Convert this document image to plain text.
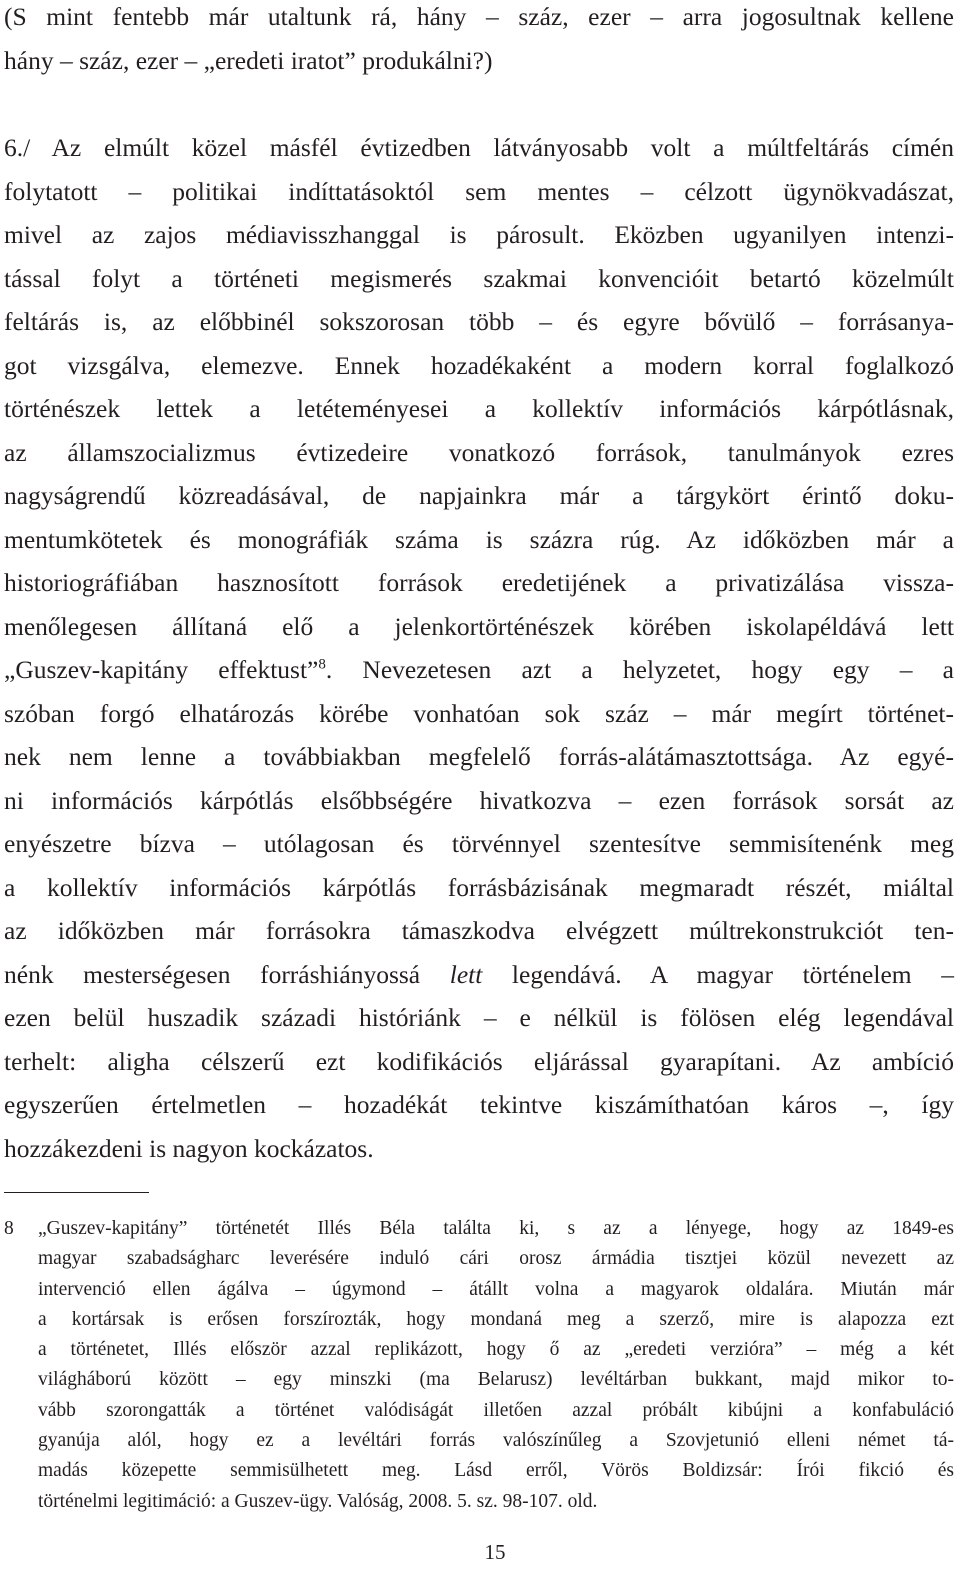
(S mint fentebb már utaltunk rá, hány – száz, ezer – arra jogosultnak kellene
hány – száz, ezer – „eredeti iratot” produkálni?)
6./ Az elmúlt közel másfél évtizedben látványosabb volt a múltfeltárás címén
folytatott – politikai indíttatásoktól sem mentes – célzott ügynökvadászat,
mivel az zajos médiavisszhanggal is párosult. Eközben ugyanilyen intenzi-
tással folyt a történeti megismerés szakmai konvencióit betartó közelmúlt
feltárás is, az előbbinél sokszorosan több – és egyre bővülő – forrásanya-
got vizsgálva, elemezve. Ennek hozadékaként a modern korral foglalkozó
történészek lettek a letéteményesei a kollektív információs kárpótlásnak,
az államszocializmus évtizedeire vonatkozó források, tanulmányok ezres
nagyságrendű közreadásával, de napjainkra már a tárgykört érintő doku-
mentumkötetek és monográfiák száma is százra rúg. Az időközben már a
historiográfiában hasznosított források eredetijének a privatizálása vissza-
menőlegesen állítaná elő a jelenkortörténészek körében iskolapéldává lett
„Guszev-kapitány effektust”$^8$. Nevezetesen azt a helyzetet, hogy egy – a
szóban forgó elhatározás körébe vonhatóan sok száz – már megírt történet-
nek nem lenne a továbbiakban megfelelő forrás-alátámasztottsága. Az egyé-
ni információs kárpótlás elsőbbségére hivatkozva – ezen források sorsát az
enyészetre bízva – utólagosan és törvénnyel szentesítve semmisítenénk meg
a kollektív információs kárpótlás forrásbázisának megmaradt részét, miáltal
az időközben már forrásokra támaszkodva elvégzett múltrekonstrukciót ten-
nénk mesterségesen forráshiányossá lett legendává. A magyar történelem –
ezen belül huszadik századi históriánk – e nélkül is fölösen elég legendával
terhelt: aligha célszerű ezt kodifikációs eljárással gyarapítani. Az ambíció
egyszerűen értelmetlen – hozadékát tekintve kiszámíthatóan káros –, így
hozzákezdeni is nagyon kockázatos.
8 „Guszev-kapitány” történetét Illés Béla találta ki, s az a lényege, hogy az 1849-es
magyar szabadságharc leverésére induló cári orosz ármádia tisztjei közül nevezett az
intervenció ellen ágálva – úgymond – átállt volna a magyarok oldalára. Miután már
a kortársak is erősen forszírozták, hogy mondaná meg a szerző, mire is alapozza ezt
a történetet, Illés először azzal replikázott, hogy ő az „eredeti verzióra” – még a két
világháború között – egy minszki (ma Belarusz) levéltárban bukkant, majd mikor to-
vább szorongatták a történet valódiságát illetően azzal próbált kibújni a konfabuláció
gyanúja alól, hogy ez a levéltári forrás valószínűleg a Szovjetunió elleni német tá-
madás közepette semmisülhetett meg. Lásd erről, Vörös Boldizsár: Írói fikció és
történelmi legitimáció: a Guszev-ügy. Valóság, 2008. 5. sz. 98-107. old.
15
